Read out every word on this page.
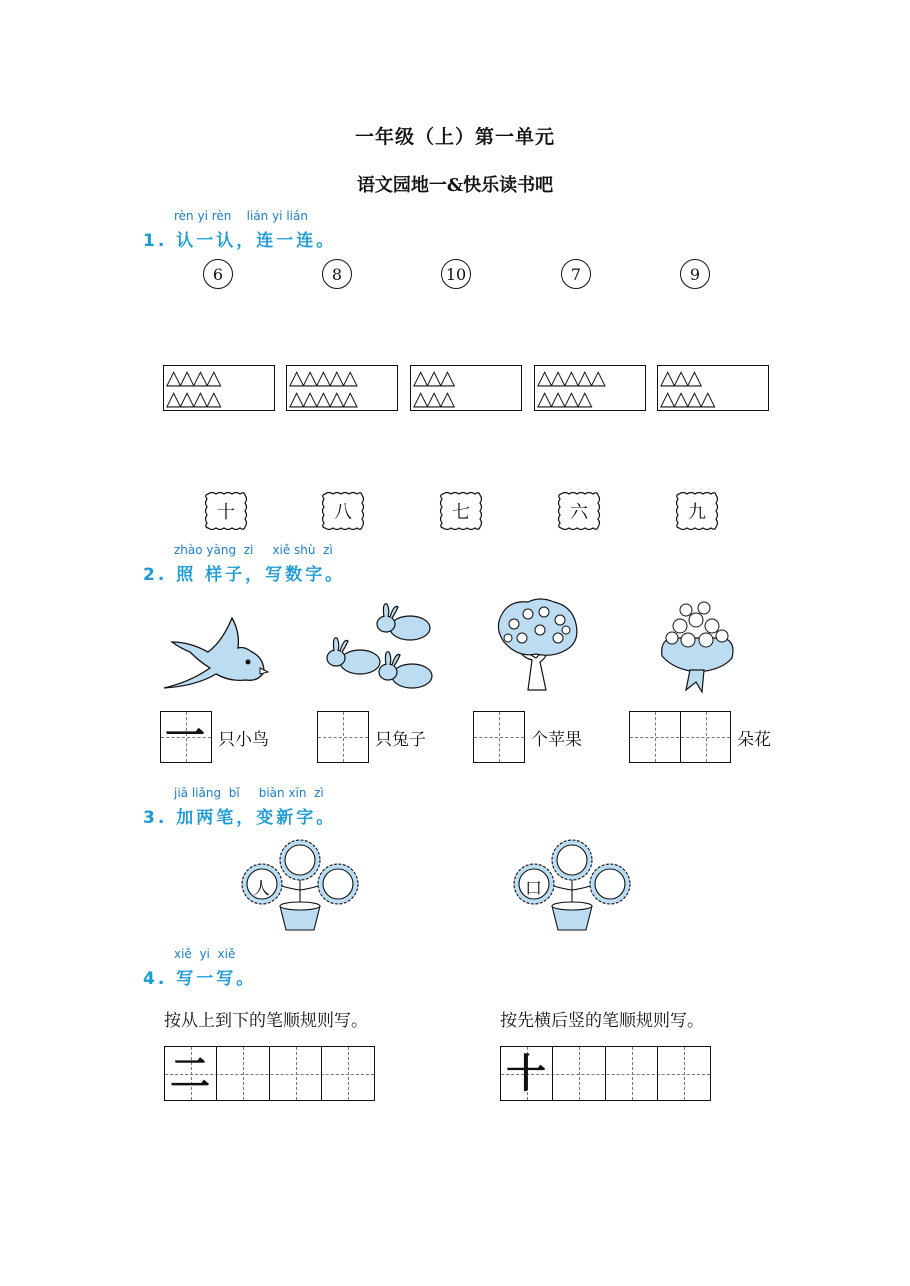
一年级（上）第一单元
语文园地一&快乐读书吧
rèn yi rèn    lián yi lián
1. 认一认，连一连。
6	8	10	7	9
△△△△
△△△△
△△△△△
△△△△△
△△△
△△△
△△△△△
△△△△
△△△
△△△△
十	八	七	六	九
zhào yàng  zi     xiě shù  zì
2. 照 样子，写数字。
一 只小鸟	只兔子	个苹果	朵花
jiā liǎng  bǐ     biàn xīn  zì
3. 加两笔，变新字。
人	口
xiě  yi  xiě
4. 写一写。
按从上到下的笔顺规则写。	按先横后竖的笔顺规则写。
二	十
